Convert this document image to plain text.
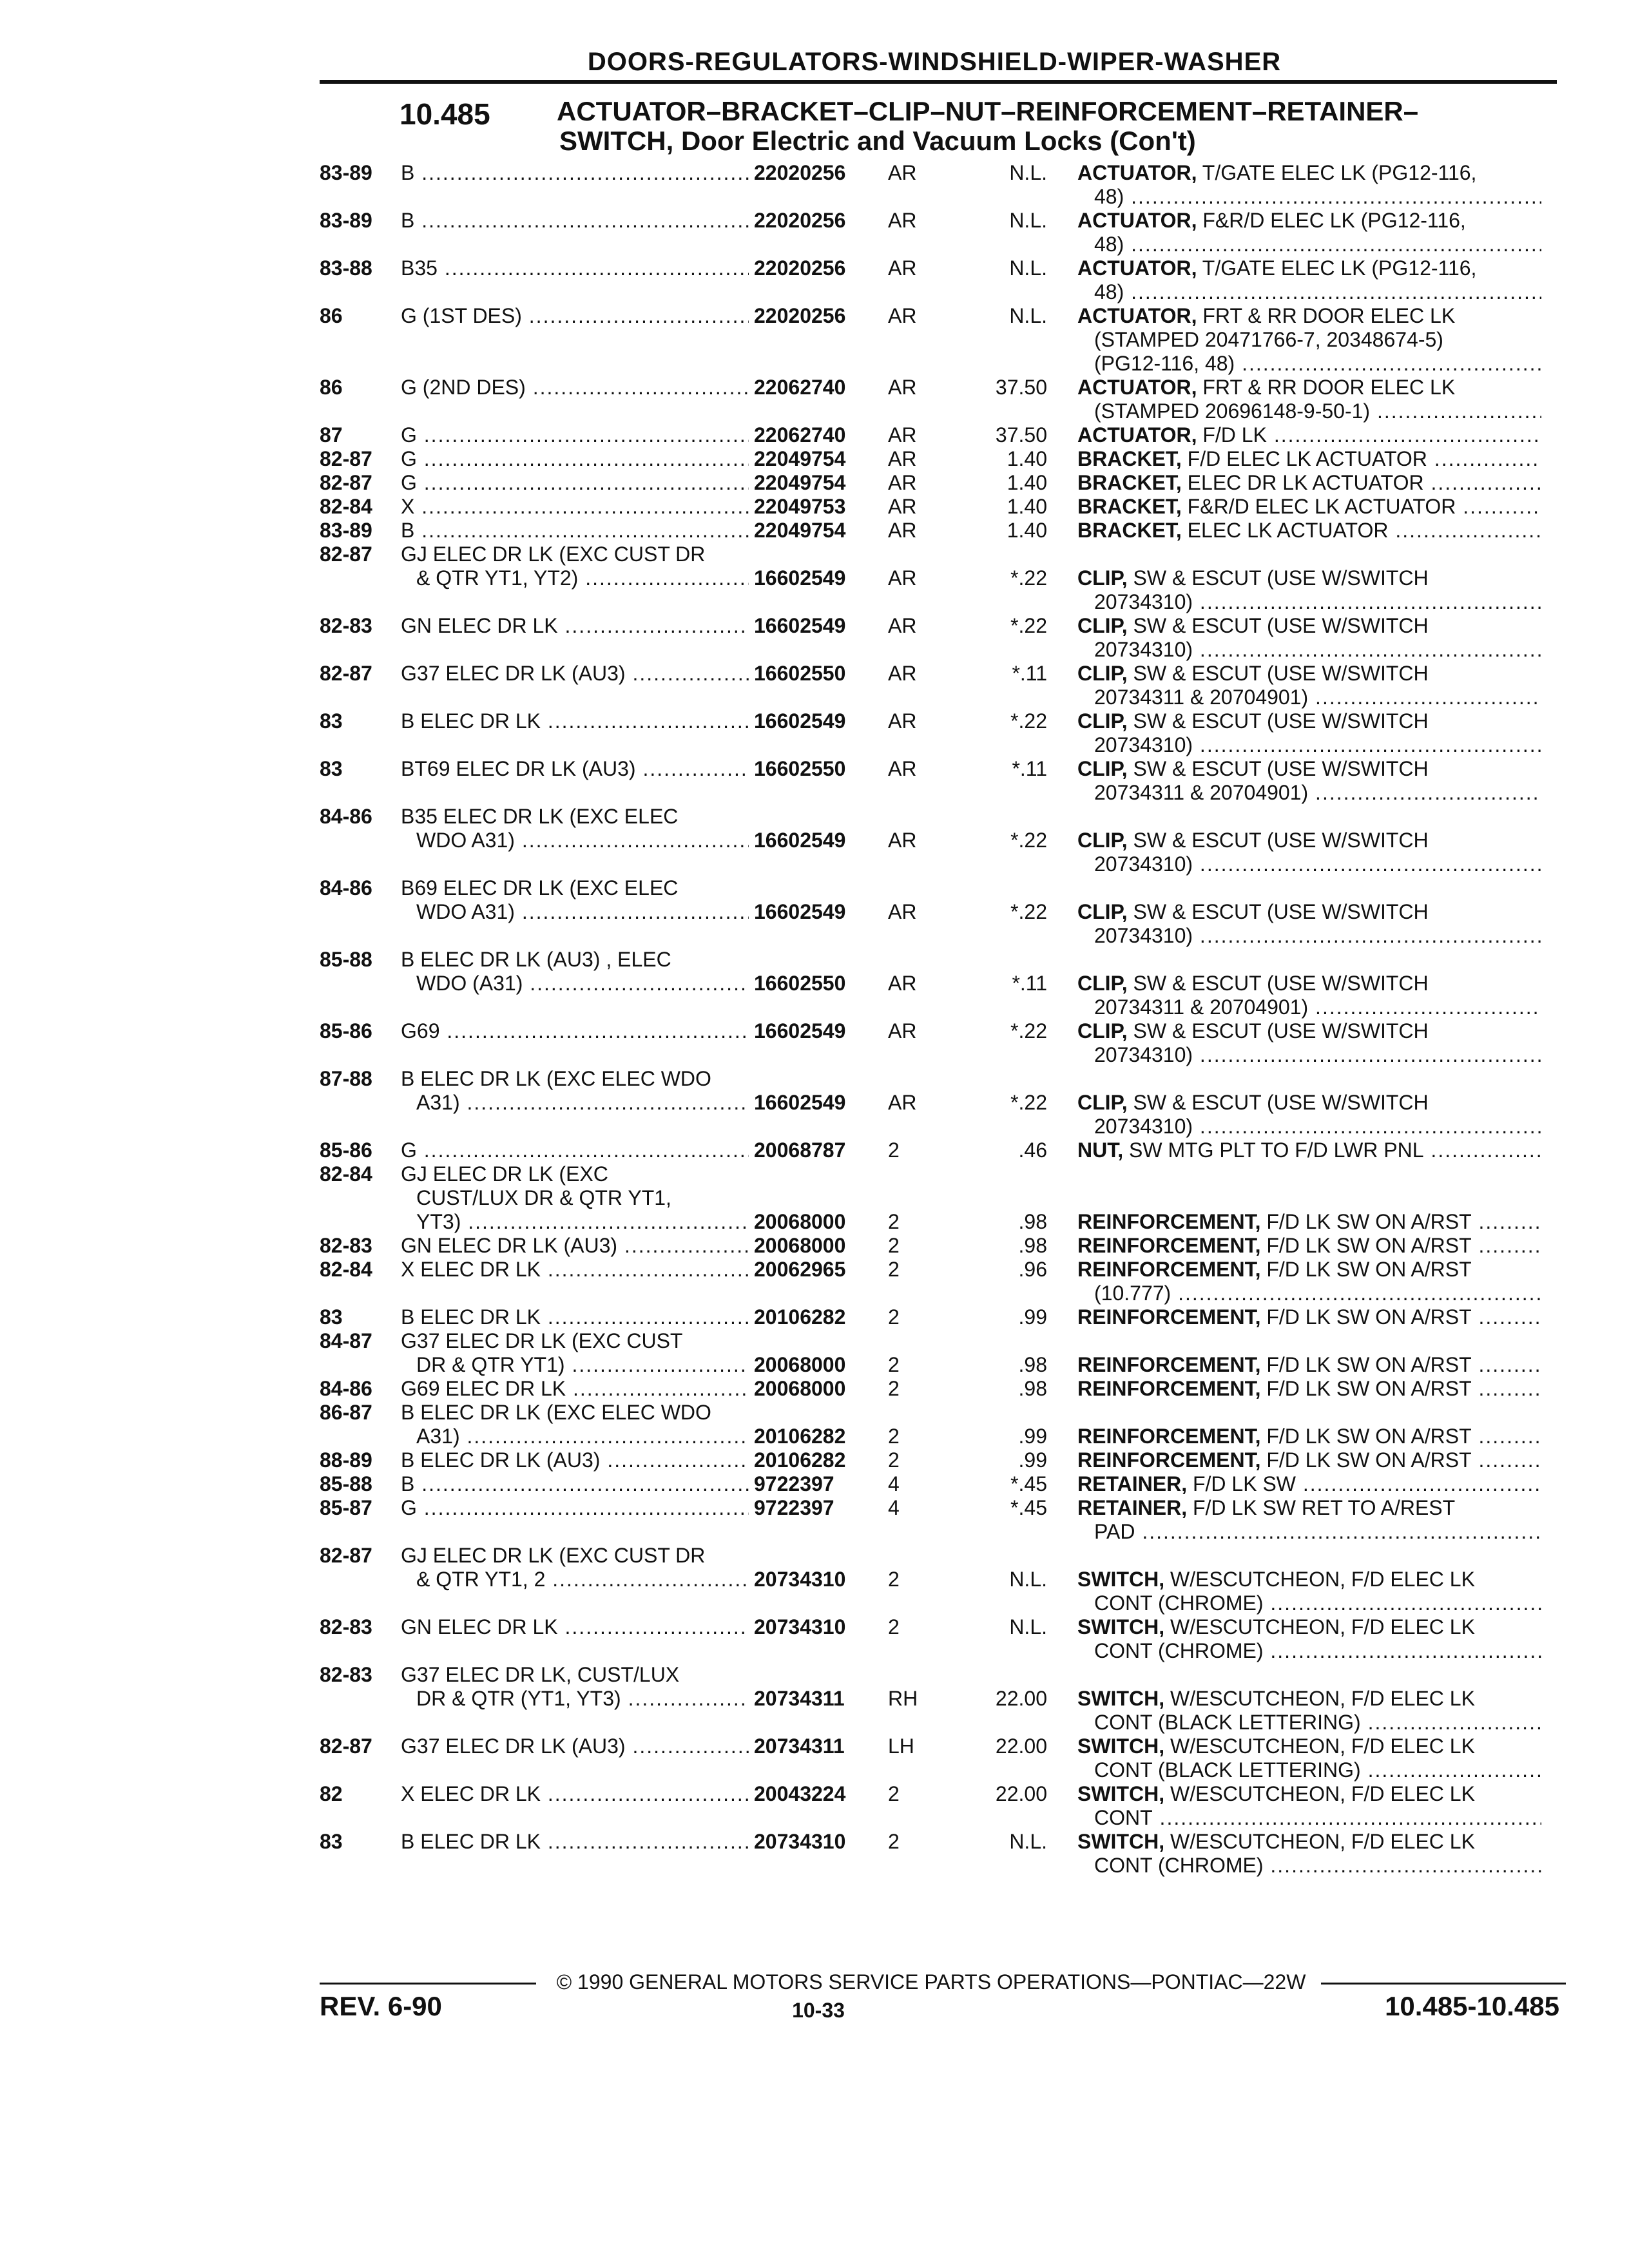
DOORS-REGULATORS-WINDSHIELD-WIPER-WASHER
10.485 ACTUATOR–BRACKET–CLIP–NUT–REINFORCEMENT–RETAINER–
SWITCH, Door Electric and Vacuum Locks (Con't)
83-89 B .....	22020256 AR	N.L. ACTUATOR, T/GATE ELEC LK (PG12-116,
48) .....
83-89 B .....	22020256 AR	N.L. ACTUATOR, F&R/D ELEC LK (PG12-116,
48) .....
83-88 B35 .....	22020256 AR	N.L. ACTUATOR, T/GATE ELEC LK (PG12-116,
48) .....
86	G (1ST DES) .....	22020256 AR	N.L. ACTUATOR, FRT & RR DOOR ELEC LK
(STAMPED 20471766-7, 20348674-5)
(PG12-116, 48) .....
86	G (2ND DES) .....	22062740 AR	37.50 ACTUATOR, FRT & RR DOOR ELEC LK
(STAMPED 20696148-9-50-1) .....
87	G .....	22062740 AR	37.50 ACTUATOR, F/D LK .....
82-87 G .....	22049754 AR	1.40 BRACKET, F/D ELEC LK ACTUATOR .....
82-87 G .....	22049754 AR	1.40 BRACKET, ELEC DR LK ACTUATOR .....
82-84 X .....	22049753 AR	1.40 BRACKET, F&R/D ELEC LK ACTUATOR .....
83-89 B .....	22049754 AR	1.40 BRACKET, ELEC LK ACTUATOR .....
82-87 GJ ELEC DR LK (EXC CUST DR
& QTR YT1, YT2) .....	16602549 AR	*.22 CLIP, SW & ESCUT (USE W/SWITCH
20734310) .....
82-83 GN ELEC DR LK .....	16602549 AR	*.22 CLIP, SW & ESCUT (USE W/SWITCH
20734310) .....
82-87 G37 ELEC DR LK (AU3) .....	16602550 AR	*.11 CLIP, SW & ESCUT (USE W/SWITCH
20734311 & 20704901) .....
83	B ELEC DR LK .....	16602549 AR	*.22 CLIP, SW & ESCUT (USE W/SWITCH
20734310) .....
83	BT69 ELEC DR LK (AU3) .....	16602550 AR	*.11 CLIP, SW & ESCUT (USE W/SWITCH
20734311 & 20704901) .....
84-86 B35 ELEC DR LK (EXC ELEC
WDO A31) .....	16602549 AR	*.22 CLIP, SW & ESCUT (USE W/SWITCH
20734310) .....
84-86 B69 ELEC DR LK (EXC ELEC
WDO A31) .....	16602549 AR	*.22 CLIP, SW & ESCUT (USE W/SWITCH
20734310) .....
85-88 B ELEC DR LK (AU3) , ELEC
WDO (A31) .....	16602550 AR	*.11 CLIP, SW & ESCUT (USE W/SWITCH
20734311 & 20704901) .....
85-86 G69 .....	16602549 AR	*.22 CLIP, SW & ESCUT (USE W/SWITCH
20734310) .....
87-88 B ELEC DR LK (EXC ELEC WDO
A31) .....	16602549 AR	*.22 CLIP, SW & ESCUT (USE W/SWITCH
20734310) .....
85-86 G .....	20068787 2	.46 NUT, SW MTG PLT TO F/D LWR PNL .....
82-84 GJ ELEC DR LK (EXC
CUST/LUX DR & QTR YT1,
YT3) .....	20068000 2	.98 REINFORCEMENT, F/D LK SW ON A/RST .....
82-83 GN ELEC DR LK (AU3) .....	20068000 2	.98 REINFORCEMENT, F/D LK SW ON A/RST .....
82-84 X ELEC DR LK .....	20062965 2	.96 REINFORCEMENT, F/D LK SW ON A/RST
(10.777) .....
83	B ELEC DR LK .....	20106282 2	.99 REINFORCEMENT, F/D LK SW ON A/RST .....
84-87 G37 ELEC DR LK (EXC CUST
DR & QTR YT1) .....	20068000 2	.98 REINFORCEMENT, F/D LK SW ON A/RST .....
84-86 G69 ELEC DR LK .....	20068000 2	.98 REINFORCEMENT, F/D LK SW ON A/RST .....
86-87 B ELEC DR LK (EXC ELEC WDO
A31) .....	20106282 2	.99 REINFORCEMENT, F/D LK SW ON A/RST .....
88-89 B ELEC DR LK (AU3) .....	20106282 2	.99 REINFORCEMENT, F/D LK SW ON A/RST .....
85-88 B .....	9722397	4	*.45 RETAINER, F/D LK SW .....
85-87 G .....	9722397	4	*.45 RETAINER, F/D LK SW RET TO A/REST
PAD .....
82-87 GJ ELEC DR LK (EXC CUST DR
& QTR YT1, 2 .....	20734310 2	N.L. SWITCH, W/ESCUTCHEON, F/D ELEC LK
CONT (CHROME) .....
82-83 GN ELEC DR LK .....	20734310 2	N.L. SWITCH, W/ESCUTCHEON, F/D ELEC LK
CONT (CHROME) .....
82-83 G37 ELEC DR LK, CUST/LUX
DR & QTR (YT1, YT3) .....	20734311 RH	22.00 SWITCH, W/ESCUTCHEON, F/D ELEC LK
CONT (BLACK LETTERING) .....
82-87 G37 ELEC DR LK (AU3) .....	20734311 LH	22.00 SWITCH, W/ESCUTCHEON, F/D ELEC LK
CONT (BLACK LETTERING) .....
82	X ELEC DR LK .....	20043224 2	22.00 SWITCH, W/ESCUTCHEON, F/D ELEC LK
CONT .....
83	B ELEC DR LK .....	20734310 2	N.L. SWITCH, W/ESCUTCHEON, F/D ELEC LK
CONT (CHROME) .....
© 1990 GENERAL MOTORS SERVICE PARTS OPERATIONS—PONTIAC—22W
REV. 6-90	10-33	10.485-10.485
